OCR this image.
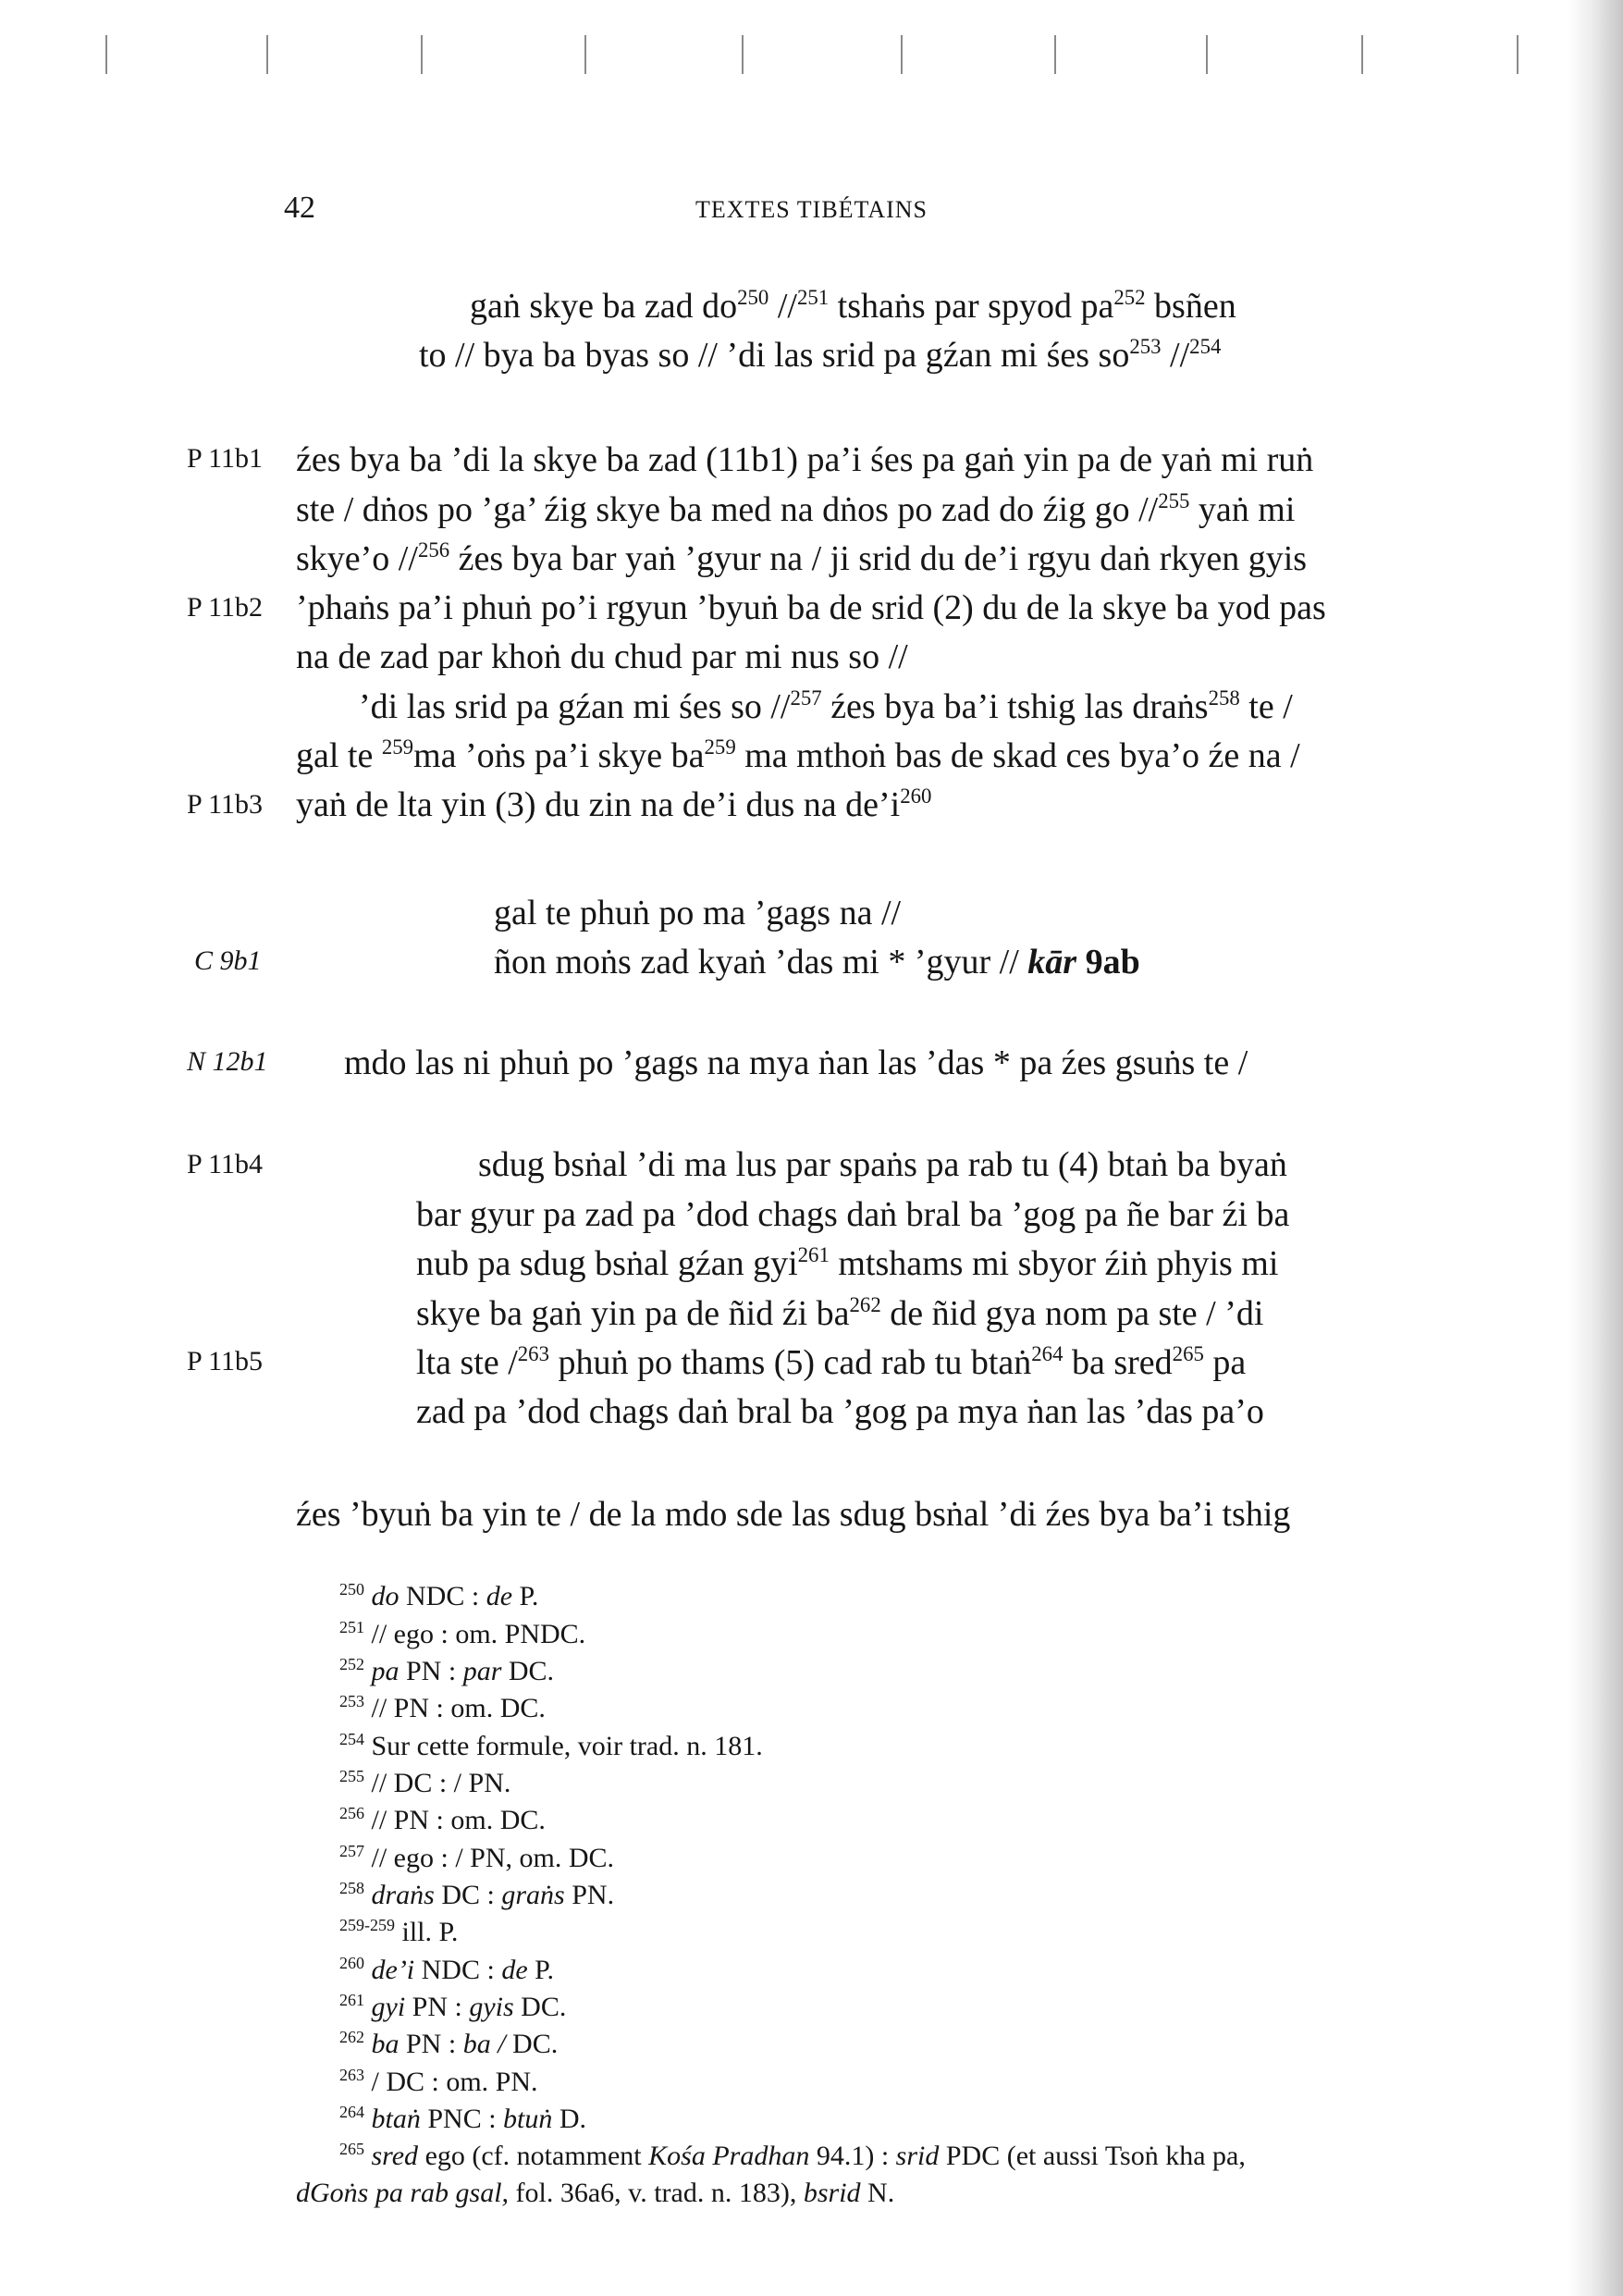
42	TEXTES TIBÉTAINS
gaṅ skye ba zad $do^{250}$ //$^{251}$ tshaṅs par spyod $pa^{252}$ bsñen
to // bya ba byas so // ’di las srid pa gźan mi śes $so^{253}$ //$^{254}$
P 11b1 źes bya ba ’di la skye ba zad (11b1) pa’i śes pa gaṅ yin pa de yaṅ mi ruṅ
ste / dṅos po ’ga’ źig skye ba med na dṅos po zad do źig go //$^{255}$ yaṅ mi
skye’o //$^{256}$ źes bya bar yaṅ ’gyur na / ji srid du de’i rgyu daṅ rkyen gyis
P 11b2 ’phaṅs pa’i phuṅ po’i rgyun ’byuṅ ba de srid (2) du de la skye ba yod pas
na de zad par khoṅ du chud par mi nus so //
’di las srid pa gźan mi śes so //$^{257}$ źes bya ba’i tshig las draṅs$^{258}$ te /
gal te $^{259}$ma ’oṅs pa’i skye $ba^{259}$ ma mthoṅ bas de skad ces bya’o źe na /
P 11b3 yaṅ de lta yin (3) du zin na de’i dus na $de’i^{260}$
gal te phuṅ po ma ’gags na //
C 9b1	ñon moṅs zad kyaṅ ’das mi * ’gyur // kār 9ab
N 12b1 mdo las ni phuṅ po ’gags na mya ṅan las ’das * pa źes gsuṅs te /
P 11b4	sdug bsṅal ’di ma lus par spaṅs pa rab tu (4) btaṅ ba byaṅ
bar gyur pa zad pa ’dod chags daṅ bral ba ’gog pa ñe bar źi ba
nub pa sdug bsṅal gźan gyi$^{261}$ mtshams mi sbyor źiṅ phyis mi
skye ba gaṅ yin pa de ñid źi $ba^{262}$ de ñid gya nom pa ste / ’di
P 11b5	lta ste /$^{263}$ phuṅ po thams (5) cad rab tu btaṅ$^{264}$ ba sred$^{265}$ pa
zad pa ’dod chags daṅ bral ba ’gog pa mya ṅan las ’das pa’o
źes ’byuṅ ba yin te / de la mdo sde las sdug bsṅal ’di źes bya ba’i tshig
$^{250}$ do NDC : de P.
$^{251}$ // ego : om. PNDC.
$^{252}$ pa PN : par DC.
$^{253}$ // PN : om. DC.
$^{254}$ Sur cette formule, voir trad. n. 181.
$^{255}$ // DC : / PN.
$^{256}$ // PN : om. DC.
$^{257}$ // ego : / PN, om. DC.
$^{258}$ draṅs DC : graṅs PN.
$^{259-259}$ ill. P.
$^{260}$ de’i NDC : de P.
$^{261}$ gyi PN : gyis DC.
$^{262}$ ba PN : ba / DC.
$^{263}$ / DC : om. PN.
$^{264}$ btaṅ PNC : btuṅ D.
$^{265}$ sred ego (cf. notamment Kośa Pradhan 94.1) : srid PDC (et aussi Tsoṅ kha pa,
dGoṅs pa rab gsal, fol. 36a6, v. trad. n. 183), bsrid N.
